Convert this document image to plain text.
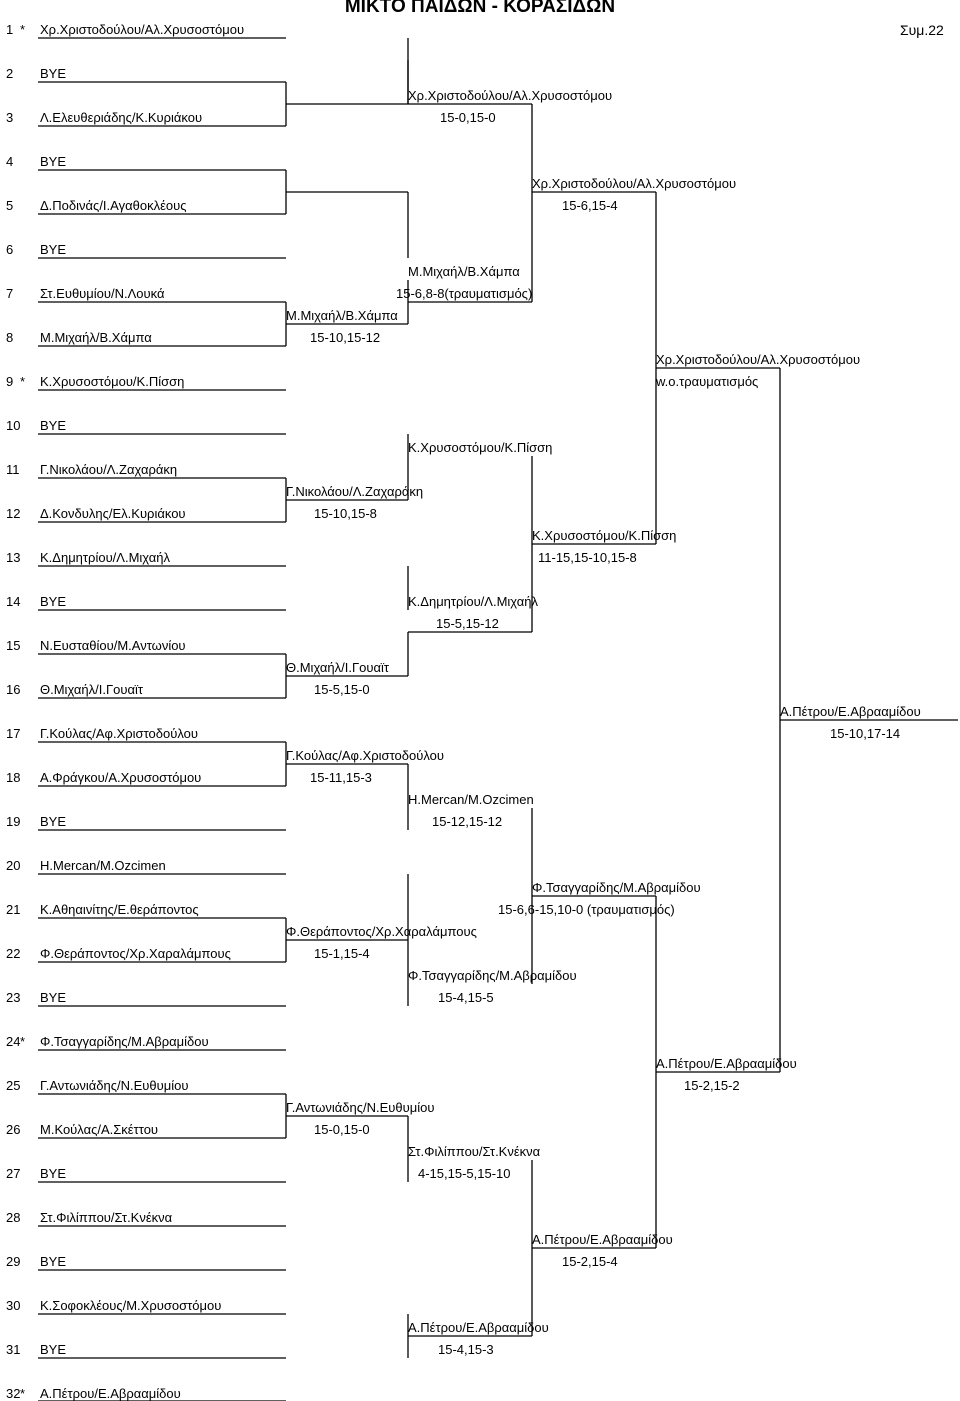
ΜΙΚΤΟ ΠΑΙΔΩΝ - ΚΟΡΑΣΙΔΩΝ
Συμ.22
1 * Χρ.Χριστοδούλου/Αλ.Χρυσοστόμου
2 BYE
3 Λ.Ελευθεριάδης/Κ.Κυριάκου
4 BYE
5 Δ.Ποδινάς/Ι.Αγαθοκλέους
6 BYE
7 Στ.Ευθυμίου/Ν.Λουκά
8 Μ.Μιχαήλ/Β.Χάμπα
9 * Κ.Χρυσοστόμου/Κ.Πίσση
10 BYE
11 Γ.Νικολάου/Λ.Ζαχαράκη
12 Δ.Κονδυλης/Ελ.Κυριάκου
13 Κ.Δημητρίου/Λ.Μιχαήλ
14 BYE
15 Ν.Ευσταθίου/Μ.Αντωνίου
16 Θ.Μιχαήλ/Ι.Γουαϊτ
17 Γ.Κούλας/Αφ.Χριστοδούλου
18 Α.Φράγκου/Α.Χρυσοστόμου
19 BYE
20 Η.Mercan/M.Ozcimen
21 Κ.Αθηαινίτης/Ε.θεράποντος
22 Φ.Θεράποντος/Χρ.Χαραλάμπους
23 BYE
24 * Φ.Τσαγγαρίδης/Μ.Αβραμίδου
25 Γ.Αντωνιάδης/Ν.Ευθυμίου
26 Μ.Κούλας/Α.Σκέττου
27 BYE
28 Στ.Φιλίππου/Στ.Κνέκνα
29 BYE
30 Κ.Σοφοκλέους/Μ.Χρυσοστόμου
31 BYE
32 * Α.Πέτρου/Ε.Αβρααμίδου
Χρ.Χριστοδούλου/Αλ.Χρυσοστόμου
15-0,15-0
Μ.Μιχαήλ/Β.Χάμπα
15-10,15-12
Γ.Νικολάου/Λ.Ζαχαράκη
15-10,15-8
Θ.Μιχαήλ/Ι.Γουαϊτ
15-5,15-0
Γ.Κούλας/Αφ.Χριστοδούλου
15-11,15-3
Φ.Θεράποντος/Χρ.Χαραλάμπους
15-1,15-4
Γ.Αντωνιάδης/Ν.Ευθυμίου
15-0,15-0
Χρ.Χριστοδούλου/Αλ.Χρυσοστόμου
15-6,15-4
Μ.Μιχαήλ/Β.Χάμπα
15-6,8-8(τραυματισμός)
Κ.Χρυσοστόμου/Κ.Πίσση
Κ.Δημητρίου/Λ.Μιχαήλ
15-5,15-12
Η.Mercan/M.Ozcimen
15-12,15-12
Φ.Τσαγγαρίδης/Μ.Αβραμίδου
15-4,15-5
Στ.Φιλίππου/Στ.Κνέκνα
4-15,15-5,15-10
Α.Πέτρου/Ε.Αβρααμίδου
15-4,15-3
Κ.Χρυσοστόμου/Κ.Πίσση
11-15,15-10,15-8
Φ.Τσαγγαρίδης/Μ.Αβραμίδου
15-6,6-15,10-0 (τραυματισμός)
Α.Πέτρου/Ε.Αβρααμίδου
15-2,15-4
Χρ.Χριστοδούλου/Αλ.Χρυσοστόμου
w.o.τραυματισμός
Α.Πέτρου/Ε.Αβρααμίδου
15-2,15-2
Α.Πέτρου/Ε.Αβρααμίδου
15-10,17-14
